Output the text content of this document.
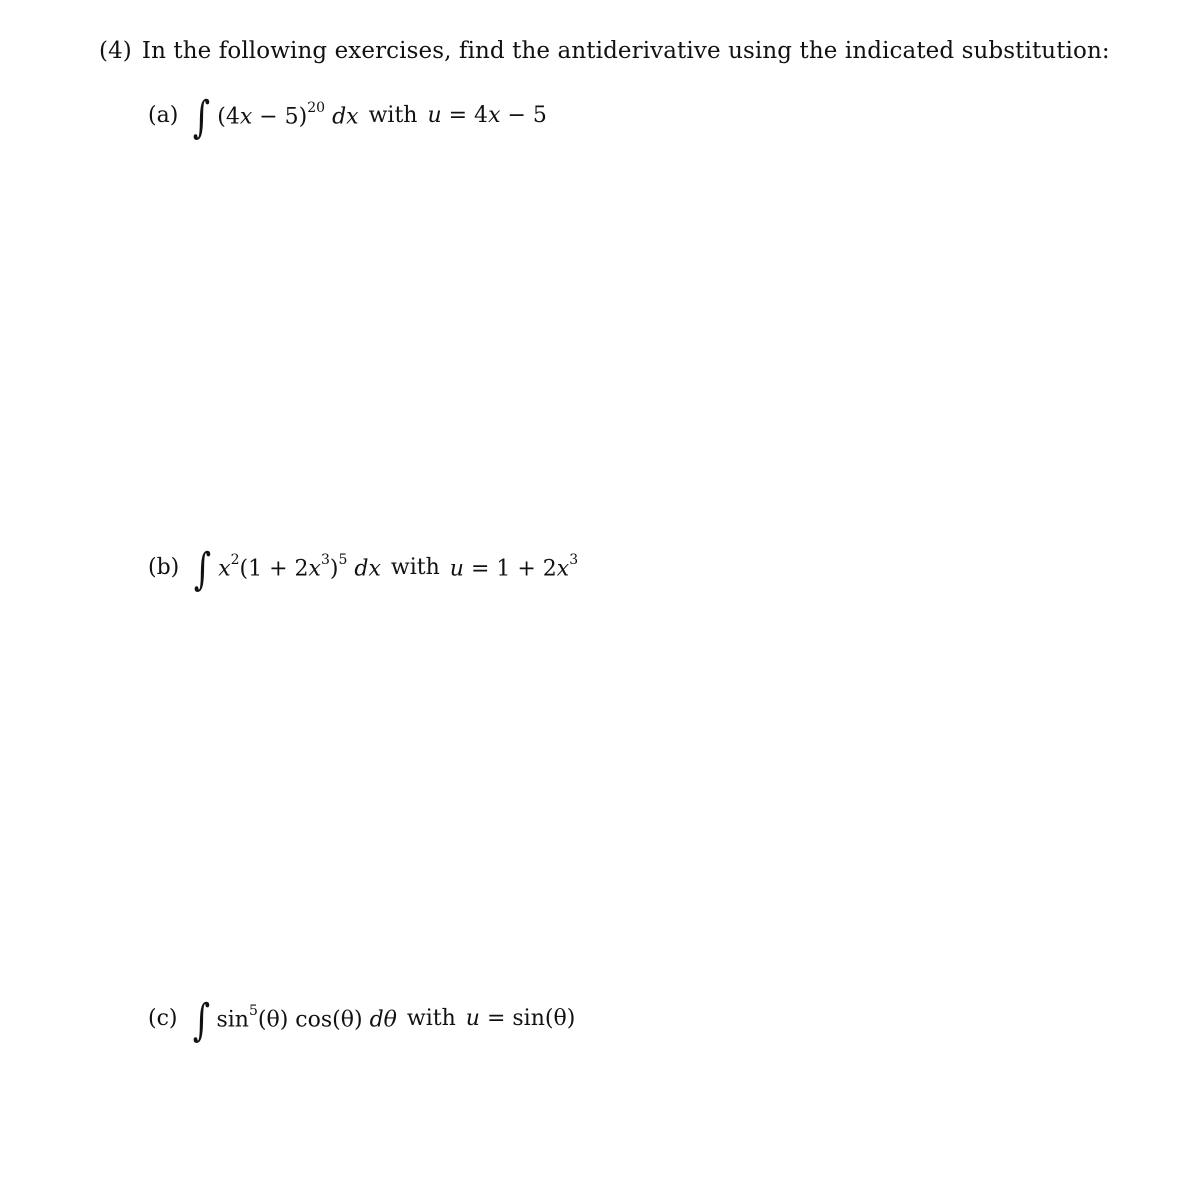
(4) In the following exercises, find the antiderivative using the indicated substitution:
(a) ∫ $(4x - 5)^{20}$ dx with u = 4x − 5
(b) ∫ $x^2(1 + 2x^3)^5$ dx with $u = 1 + 2x^3$
(c) ∫ $\sin^5(\theta)$ cos(θ) dθ with u = sin(θ)
